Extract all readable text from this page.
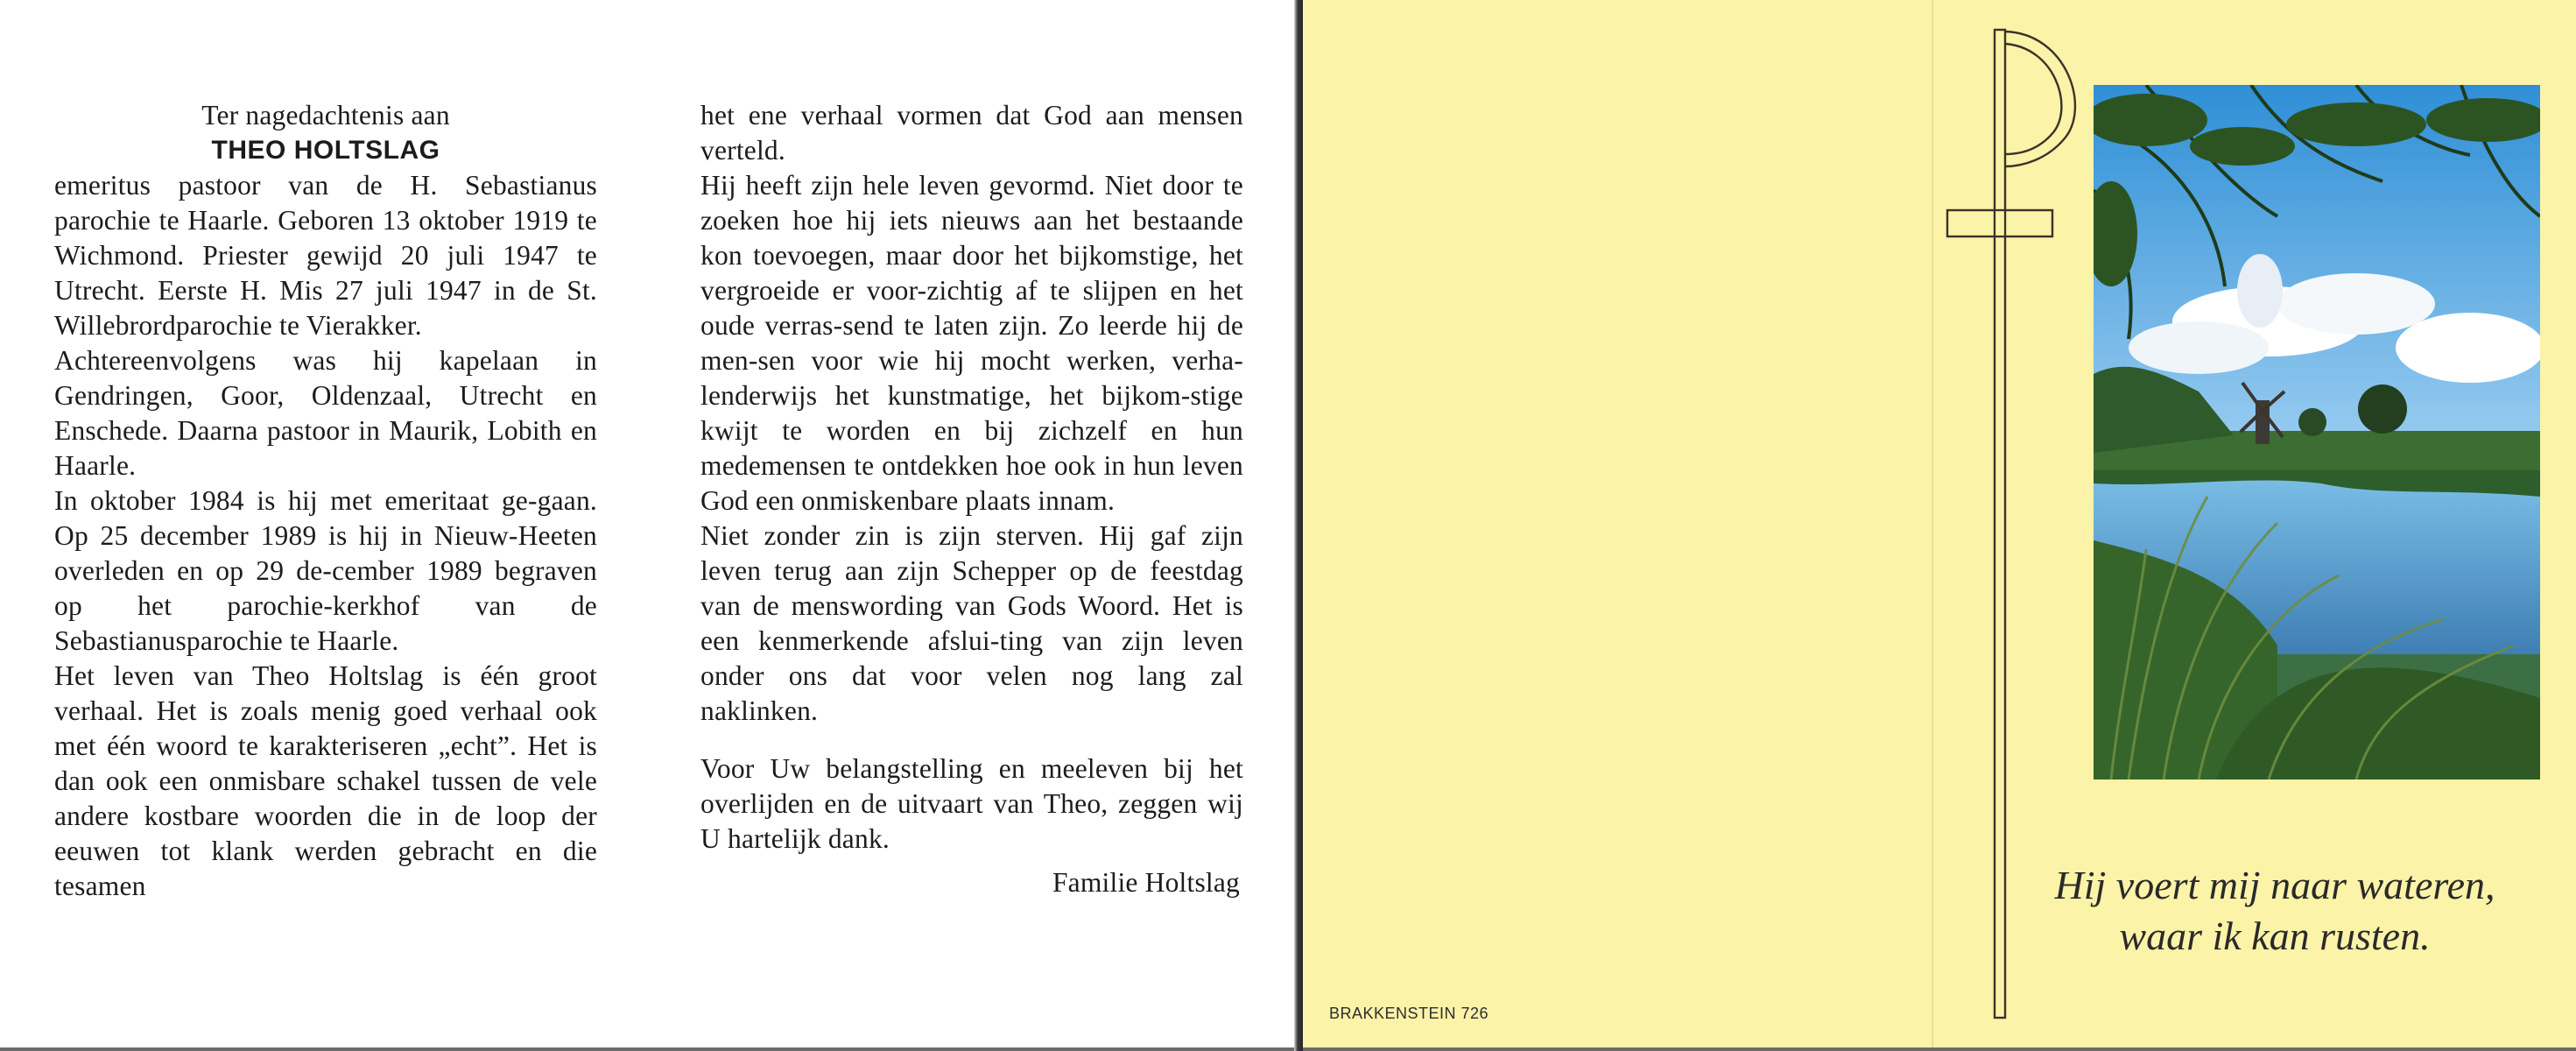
Ter nagedachtenis aan

THEO HOLTSLAG

emeritus pastoor van de H. Sebastianus parochie te Haarle. Geboren 13 oktober 1919 te Wichmond. Priester gewijd 20 juli 1947 te Utrecht. Eerste H. Mis 27 juli 1947 in de St. Willebrordparochie te Vierakker.

Achtereenvolgens was hij kapelaan in Gendringen, Goor, Oldenzaal, Utrecht en Enschede. Daarna pastoor in Maurik, Lobith en Haarle.

In oktober 1984 is hij met emeritaat ge-gaan. Op 25 december 1989 is hij in Nieuw-Heeten overleden en op 29 de-cember 1989 begraven op het parochie-kerkhof van de Sebastianusparochie te Haarle.

Het leven van Theo Holtslag is één groot verhaal. Het is zoals menig goed verhaal ook met één woord te karakteriseren „echt”. Het is dan ook een onmisbare schakel tussen de vele andere kostbare woorden die in de loop der eeuwen tot klank werden gebracht en die tesamen

het ene verhaal vormen dat God aan mensen verteld.

Hij heeft zijn hele leven gevormd. Niet door te zoeken hoe hij iets nieuws aan het bestaande kon toevoegen, maar door het bijkomstige, het vergroeide er voor-zichtig af te slijpen en het oude verras-send te laten zijn. Zo leerde hij de men-sen voor wie hij mocht werken, verha-lenderwijs het kunstmatige, het bijkom-stige kwijt te worden en bij zichzelf en hun medemensen te ontdekken hoe ook in hun leven God een onmiskenbare plaats innam.

Niet zonder zin is zijn sterven. Hij gaf zijn leven terug aan zijn Schepper op de feestdag van de menswording van Gods Woord. Het is een kenmerkende afslui-ting van zijn leven onder ons dat voor velen nog lang zal naklinken.

Voor Uw belangstelling en meeleven bij het overlijden en de uitvaart van Theo, zeggen wij U hartelijk dank.

Familie Holtslag	Hij voert mij naar wateren,
waar ik kan rusten.
BRAKKENSTEIN 726
